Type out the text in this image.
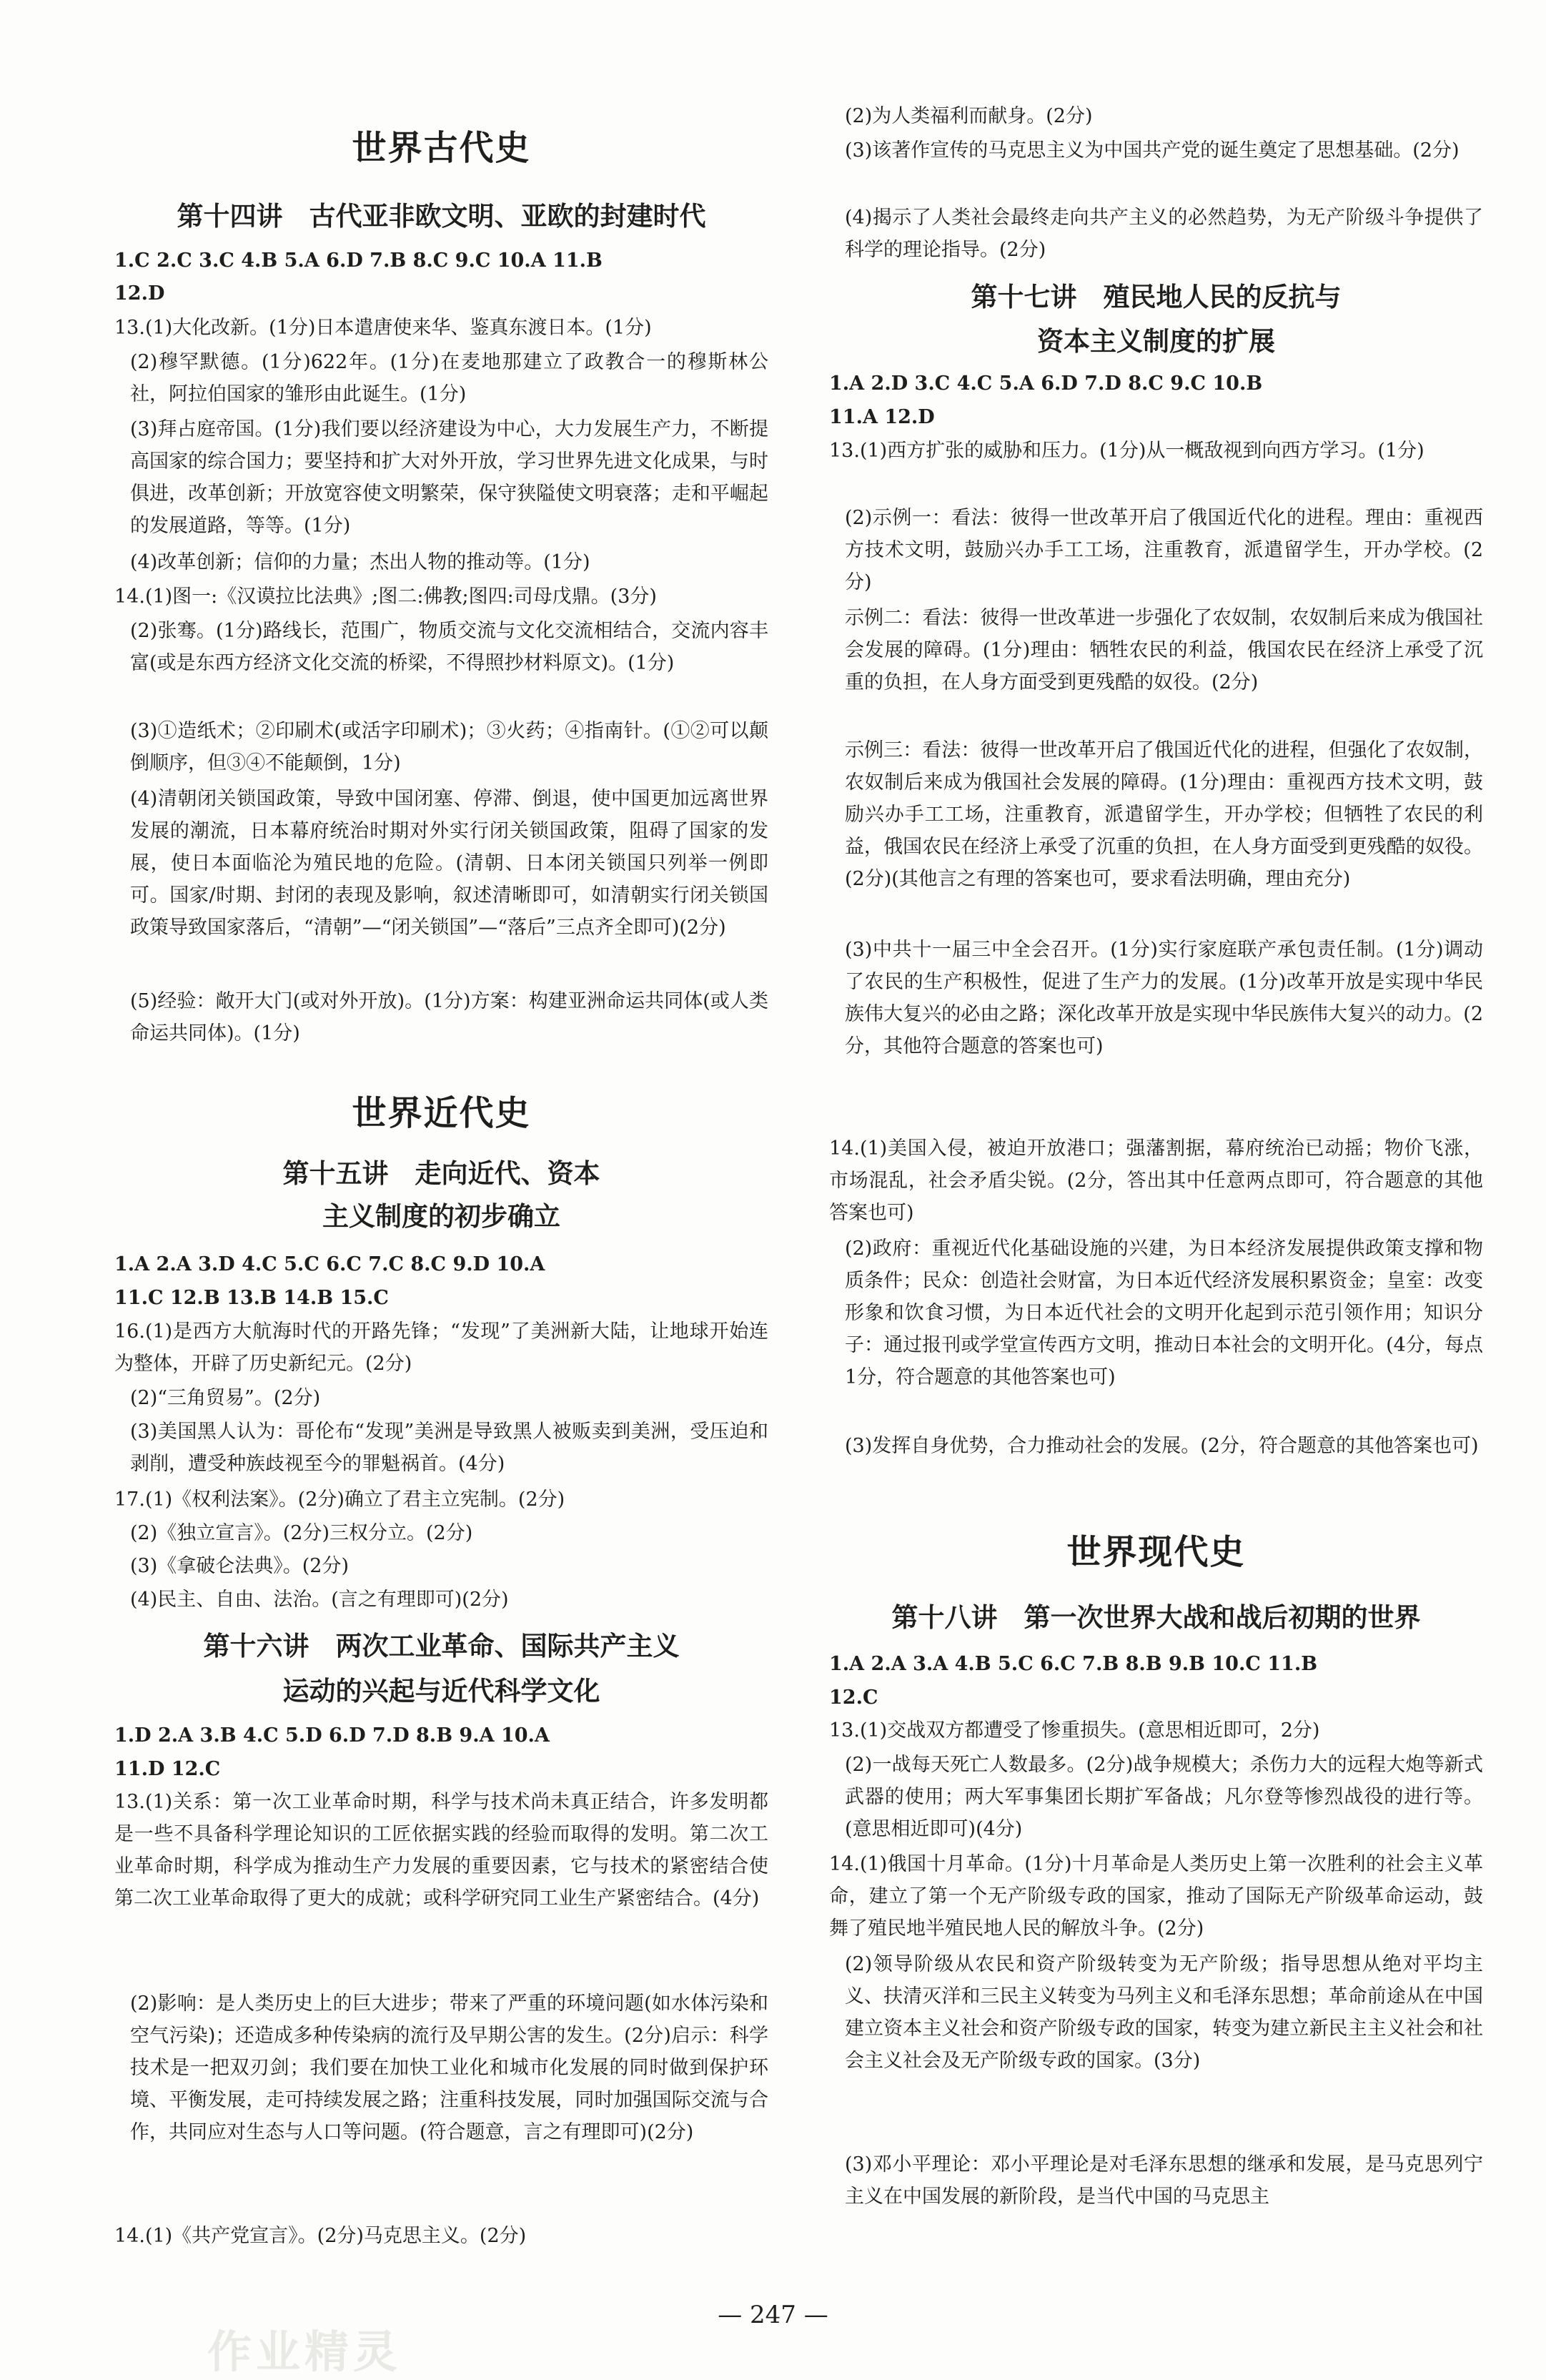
世界古代史
第十四讲　古代亚非欧文明、亚欧的封建时代
1.C 2.C 3.C 4.B 5.A 6.D 7.B 8.C 9.C 10.A 11.B
12.D
13.(1)大化改新。(1分)日本遣唐使来华、鉴真东渡日本。(1分)
(2)穆罕默德。(1分)622年。(1分)在麦地那建立了政教合一的穆斯林公社，阿拉伯国家的雏形由此诞生。(1分)
(3)拜占庭帝国。(1分)我们要以经济建设为中心，大力发展生产力，不断提高国家的综合国力；要坚持和扩大对外开放，学习世界先进文化成果，与时俱进，改革创新；开放宽容使文明繁荣，保守狭隘使文明衰落；走和平崛起的发展道路，等等。(1分)
(4)改革创新；信仰的力量；杰出人物的推动等。(1分)
14.(1)图一:《汉谟拉比法典》;图二:佛教;图四:司母戊鼎。(3分)
(2)张骞。(1分)路线长，范围广，物质交流与文化交流相结合，交流内容丰富(或是东西方经济文化交流的桥梁，不得照抄材料原文)。(1分)
(3)①造纸术；②印刷术(或活字印刷术)；③火药；④指南针。(①②可以颠倒顺序，但③④不能颠倒，1分)
(4)清朝闭关锁国政策，导致中国闭塞、停滞、倒退，使中国更加远离世界发展的潮流，日本幕府统治时期对外实行闭关锁国政策，阻碍了国家的发展，使日本面临沦为殖民地的危险。(清朝、日本闭关锁国只列举一例即可。国家/时期、封闭的表现及影响，叙述清晰即可，如清朝实行闭关锁国政策导致国家落后，“清朝”—“闭关锁国”—“落后”三点齐全即可)(2分)
(5)经验：敞开大门(或对外开放)。(1分)方案：构建亚洲命运共同体(或人类命运共同体)。(1分)
世界近代史
第十五讲　走向近代、资本
主义制度的初步确立
1.A 2.A 3.D 4.C 5.C 6.C 7.C 8.C 9.D 10.A
11.C 12.B 13.B 14.B 15.C
16.(1)是西方大航海时代的开路先锋；“发现”了美洲新大陆，让地球开始连为整体，开辟了历史新纪元。(2分)
(2)“三角贸易”。(2分)
(3)美国黑人认为：哥伦布“发现”美洲是导致黑人被贩卖到美洲，受压迫和剥削，遭受种族歧视至今的罪魁祸首。(4分)
17.(1)《权利法案》。(2分)确立了君主立宪制。(2分)
(2)《独立宣言》。(2分)三权分立。(2分)
(3)《拿破仑法典》。(2分)
(4)民主、自由、法治。(言之有理即可)(2分)
第十六讲　两次工业革命、国际共产主义
运动的兴起与近代科学文化
1.D 2.A 3.B 4.C 5.D 6.D 7.D 8.B 9.A 10.A
11.D 12.C
13.(1)关系：第一次工业革命时期，科学与技术尚未真正结合，许多发明都是一些不具备科学理论知识的工匠依据实践的经验而取得的发明。第二次工业革命时期，科学成为推动生产力发展的重要因素，它与技术的紧密结合使第二次工业革命取得了更大的成就；或科学研究同工业生产紧密结合。(4分)
(2)影响：是人类历史上的巨大进步；带来了严重的环境问题(如水体污染和空气污染)；还造成多种传染病的流行及早期公害的发生。(2分)启示：科学技术是一把双刃剑；我们要在加快工业化和城市化发展的同时做到保护环境、平衡发展，走可持续发展之路；注重科技发展，同时加强国际交流与合作，共同应对生态与人口等问题。(符合题意，言之有理即可)(2分)
14.(1)《共产党宣言》。(2分)马克思主义。(2分)
(2)为人类福利而献身。(2分)
(3)该著作宣传的马克思主义为中国共产党的诞生奠定了思想基础。(2分)
(4)揭示了人类社会最终走向共产主义的必然趋势，为无产阶级斗争提供了科学的理论指导。(2分)
第十七讲　殖民地人民的反抗与
资本主义制度的扩展
1.A 2.D 3.C 4.C 5.A 6.D 7.D 8.C 9.C 10.B
11.A 12.D
13.(1)西方扩张的威胁和压力。(1分)从一概敌视到向西方学习。(1分)
(2)示例一：看法：彼得一世改革开启了俄国近代化的进程。理由：重视西方技术文明，鼓励兴办手工工场，注重教育，派遣留学生，开办学校。(2分)
示例二：看法：彼得一世改革进一步强化了农奴制，农奴制后来成为俄国社会发展的障碍。(1分)理由：牺牲农民的利益，俄国农民在经济上承受了沉重的负担，在人身方面受到更残酷的奴役。(2分)
示例三：看法：彼得一世改革开启了俄国近代化的进程，但强化了农奴制，农奴制后来成为俄国社会发展的障碍。(1分)理由：重视西方技术文明，鼓励兴办手工工场，注重教育，派遣留学生，开办学校；但牺牲了农民的利益，俄国农民在经济上承受了沉重的负担，在人身方面受到更残酷的奴役。(2分)(其他言之有理的答案也可，要求看法明确，理由充分)
(3)中共十一届三中全会召开。(1分)实行家庭联产承包责任制。(1分)调动了农民的生产积极性，促进了生产力的发展。(1分)改革开放是实现中华民族伟大复兴的必由之路；深化改革开放是实现中华民族伟大复兴的动力。(2分，其他符合题意的答案也可)
14.(1)美国入侵，被迫开放港口；强藩割据，幕府统治已动摇；物价飞涨，市场混乱，社会矛盾尖锐。(2分，答出其中任意两点即可，符合题意的其他答案也可)
(2)政府：重视近代化基础设施的兴建，为日本经济发展提供政策支撑和物质条件；民众：创造社会财富，为日本近代经济发展积累资金；皇室：改变形象和饮食习惯，为日本近代社会的文明开化起到示范引领作用；知识分子：通过报刊或学堂宣传西方文明，推动日本社会的文明开化。(4分，每点1分，符合题意的其他答案也可)
(3)发挥自身优势，合力推动社会的发展。(2分，符合题意的其他答案也可)
世界现代史
第十八讲　第一次世界大战和战后初期的世界
1.A 2.A 3.A 4.B 5.C 6.C 7.B 8.B 9.B 10.C 11.B
12.C
13.(1)交战双方都遭受了惨重损失。(意思相近即可，2分)
(2)一战每天死亡人数最多。(2分)战争规模大；杀伤力大的远程大炮等新式武器的使用；两大军事集团长期扩军备战；凡尔登等惨烈战役的进行等。(意思相近即可)(4分)
14.(1)俄国十月革命。(1分)十月革命是人类历史上第一次胜利的社会主义革命，建立了第一个无产阶级专政的国家，推动了国际无产阶级革命运动，鼓舞了殖民地半殖民地人民的解放斗争。(2分)
(2)领导阶级从农民和资产阶级转变为无产阶级；指导思想从绝对平均主义、扶清灭洋和三民主义转变为马列主义和毛泽东思想；革命前途从在中国建立资本主义社会和资产阶级专政的国家，转变为建立新民主主义社会和社会主义社会及无产阶级专政的国家。(3分)
(3)邓小平理论：邓小平理论是对毛泽东思想的继承和发展，是马克思列宁主义在中国发展的新阶段，是当代中国的马克思主
— 247 —
作业精灵
